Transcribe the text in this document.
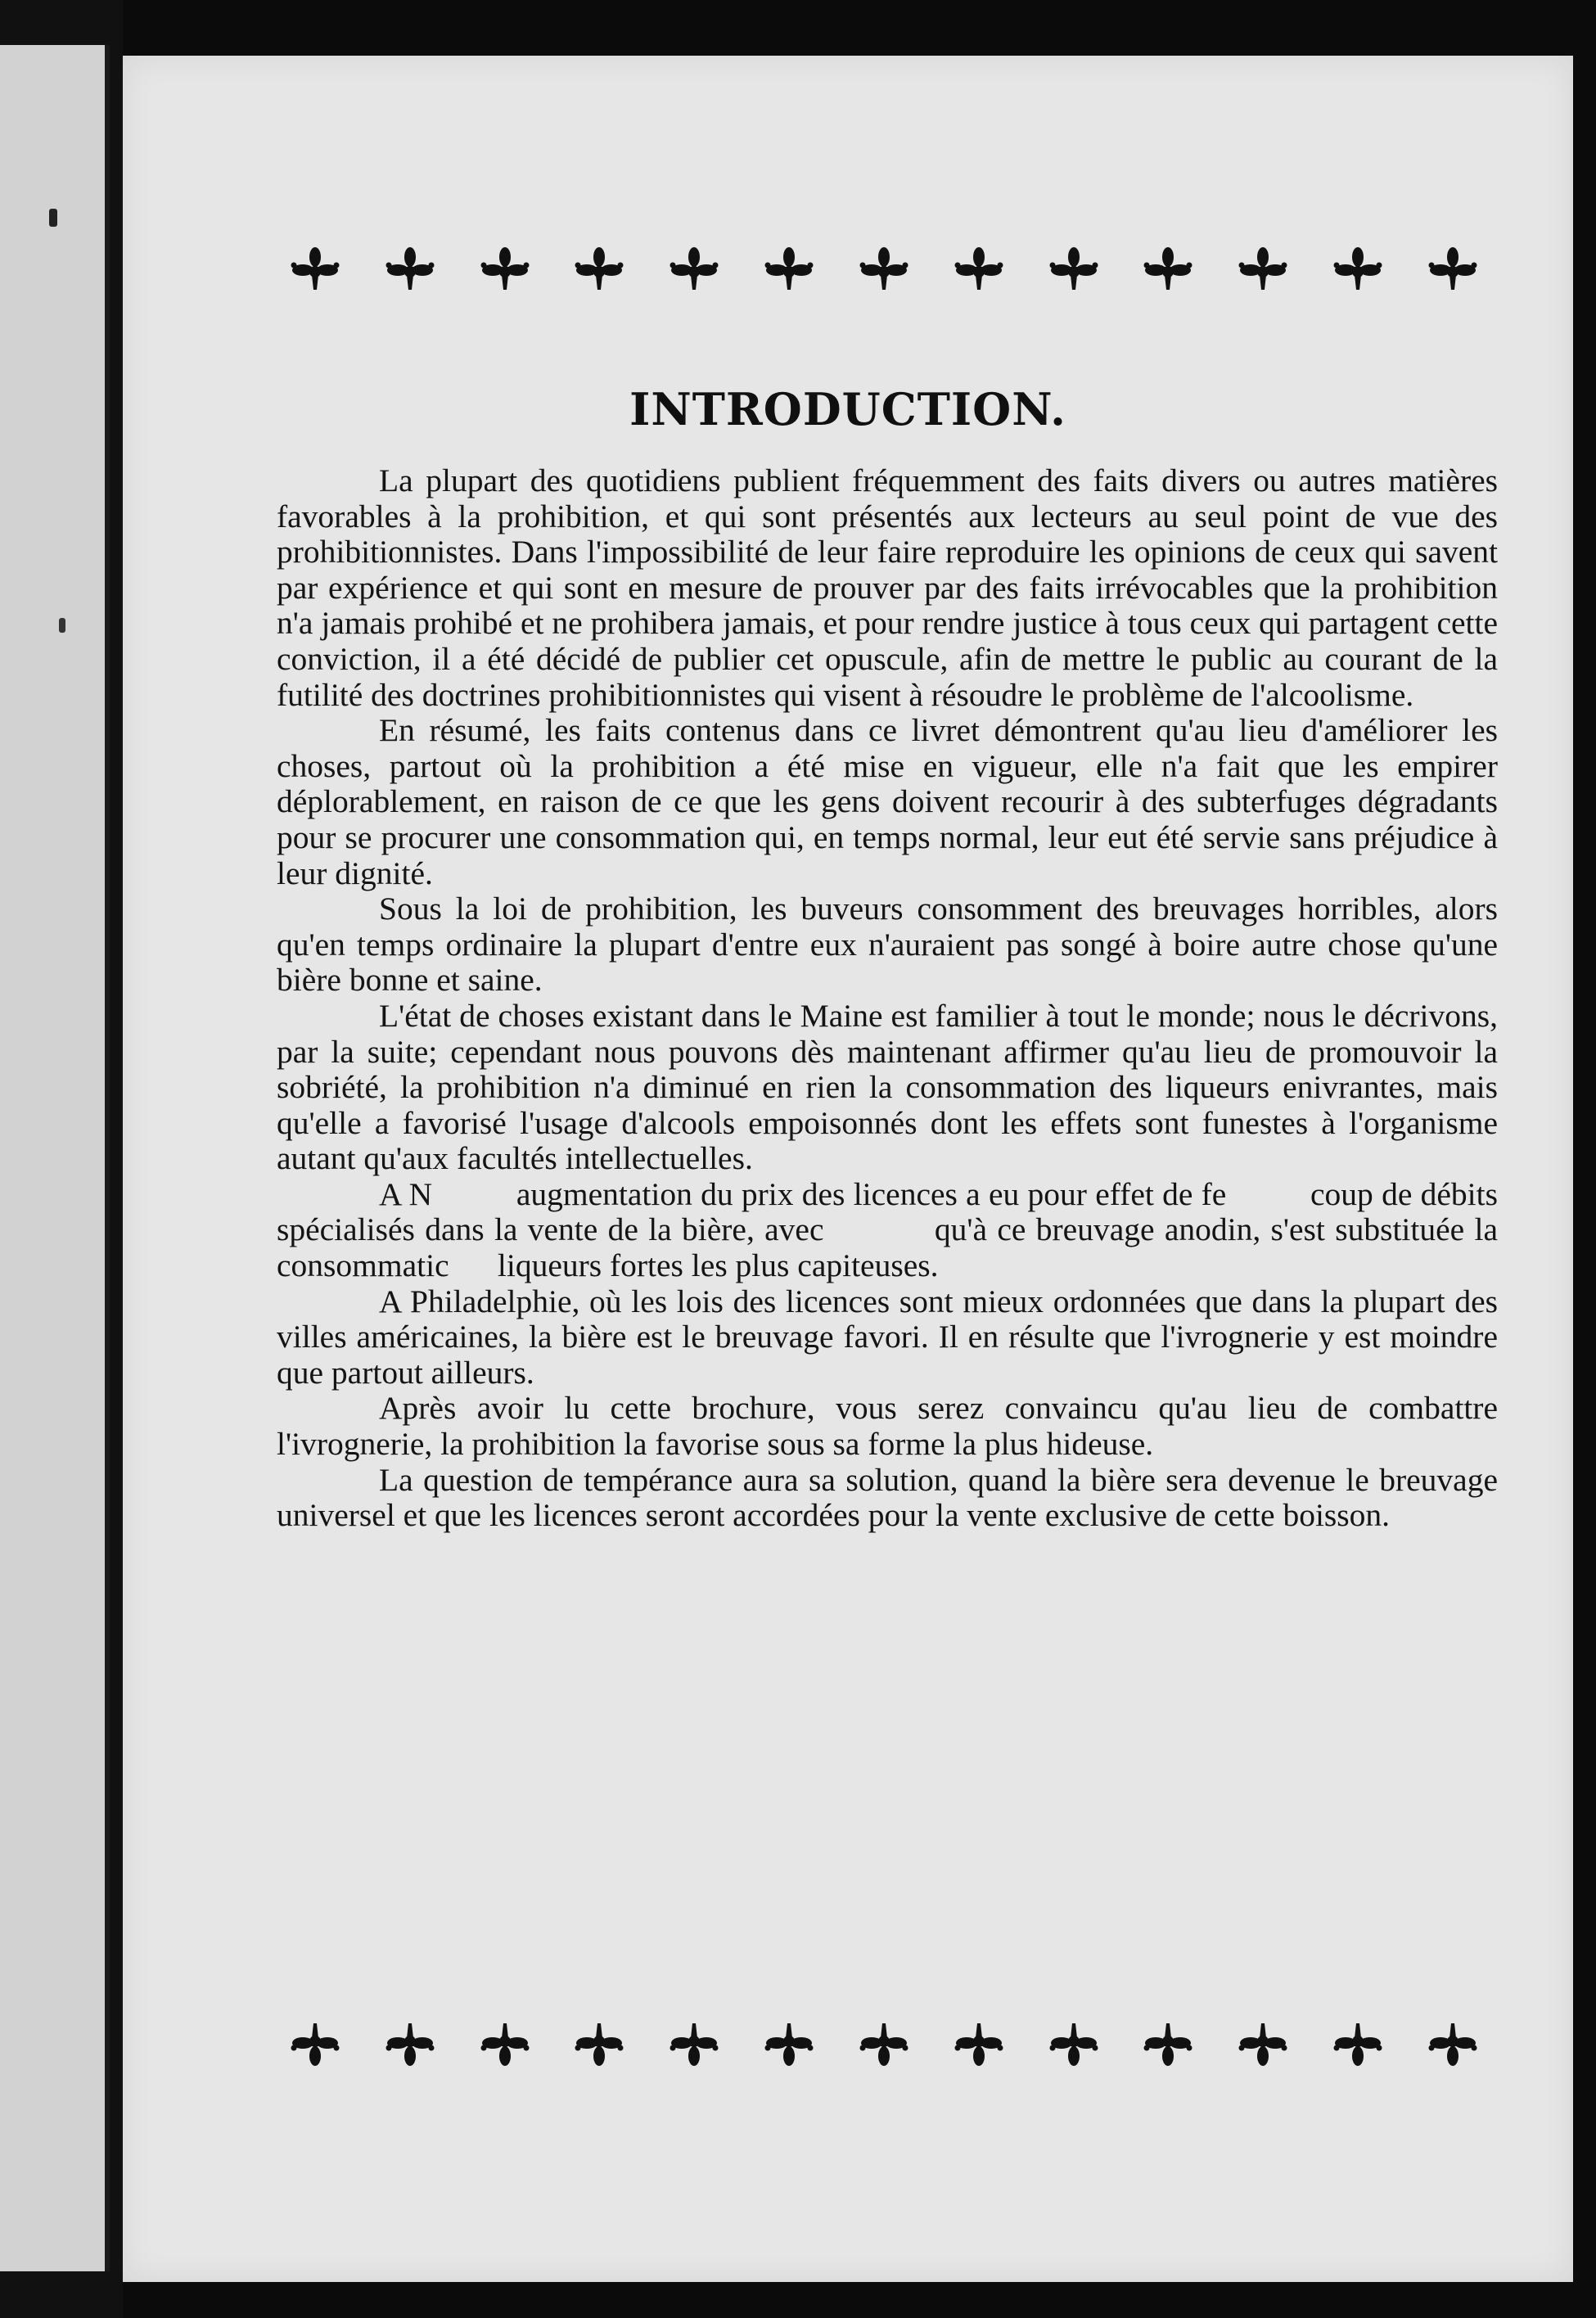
INTRODUCTION.

La plupart des quotidiens publient fréquemment des faits divers ou autres matières favorables à la prohibition, et qui sont présentés aux lecteurs au seul point de vue des prohibitionnistes. Dans l'impossibilité de leur faire reproduire les opinions de ceux qui savent par expérience et qui sont en mesure de prouver par des faits irrévocables que la prohibition n'a jamais prohibé et ne prohibera jamais, et pour rendre justice à tous ceux qui partagent cette conviction, il a été décidé de publier cet opuscule, afin de mettre le public au courant de la futilité des doctrines prohibitionnistes qui visent à résoudre le problème de l'alcoolisme.

En résumé, les faits contenus dans ce livret démontrent qu'au lieu d'améliorer les choses, partout où la prohibition a été mise en vigueur, elle n'a fait que les empirer déplorablement, en raison de ce que les gens doivent recourir à des subterfuges dégradants pour se procurer une consommation qui, en temps normal, leur eut été servie sans préjudice à leur dignité.

Sous la loi de prohibition, les buveurs consomment des breuvages horribles, alors qu'en temps ordinaire la plupart d'entre eux n'auraient pas songé à boire autre chose qu'une bière bonne et saine.

L'état de choses existant dans le Maine est familier à tout le monde; nous le décrivons, par la suite; cependant nous pouvons dès maintenant affirmer qu'au lieu de promouvoir la sobriété, la prohibition n'a diminué en rien la consommation des liqueurs enivrantes, mais qu'elle a favorisé l'usage d'alcools empoisonnés dont les effets sont funestes à l'organisme autant qu'aux facultés intellectuelles.

A N          augmentation du prix des licences a eu pour effet de fe          coup de débits spécialisés dans la vente de la bière, avec           qu'à ce breuvage anodin, s'est substituée la consommatic      liqueurs fortes les plus capiteuses.

A Philadelphie, où les lois des licences sont mieux ordonnées que dans la plupart des villes américaines, la bière est le breuvage favori. Il en résulte que l'ivrognerie y est moindre que partout ailleurs.

Après avoir lu cette brochure, vous serez convaincu qu'au lieu de combattre l'ivrognerie, la prohibition la favorise sous sa forme la plus hideuse.

La question de tempérance aura sa solution, quand la bière sera devenue le breuvage universel et que les licences seront accordées pour la vente exclusive de cette boisson.
